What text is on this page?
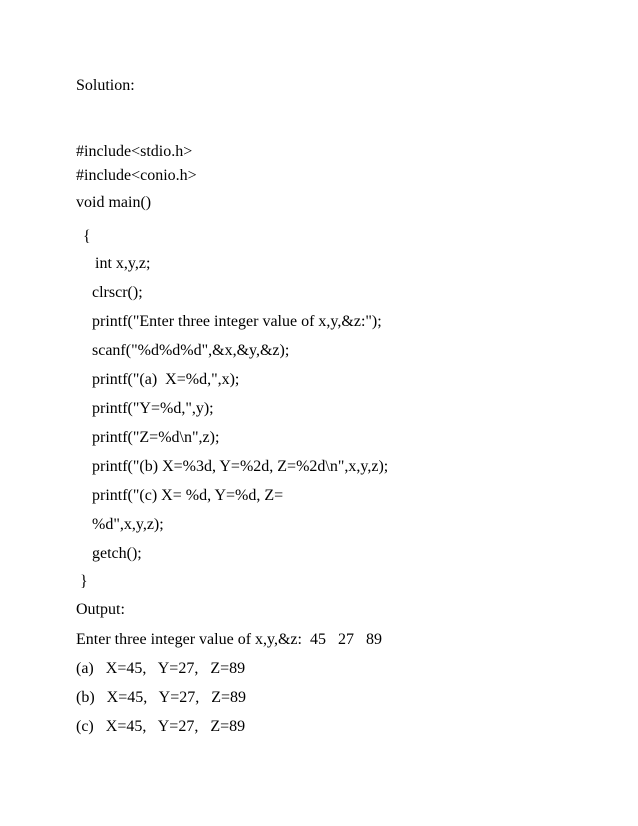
Solution:

#include<stdio.h>

#include<conio.h>

void main()

{

int x,y,z;

clrscr();

printf("Enter three integer value of x,y,&z:");

scanf("%d%d%d",&x,&y,&z);

printf("(a)  X=%d,",x);

printf("Y=%d,",y);

printf("Z=%d\n",z);

printf("(b) X=%3d, Y=%2d, Z=%2d\n",x,y,z);

printf("(c) X= %d, Y=%d, Z=

%d",x,y,z);

getch();

}

Output:

Enter three integer value of x,y,&z:  45   27   89

(a)   X=45,   Y=27,   Z=89

(b)   X=45,   Y=27,   Z=89

(c)   X=45,   Y=27,   Z=89
